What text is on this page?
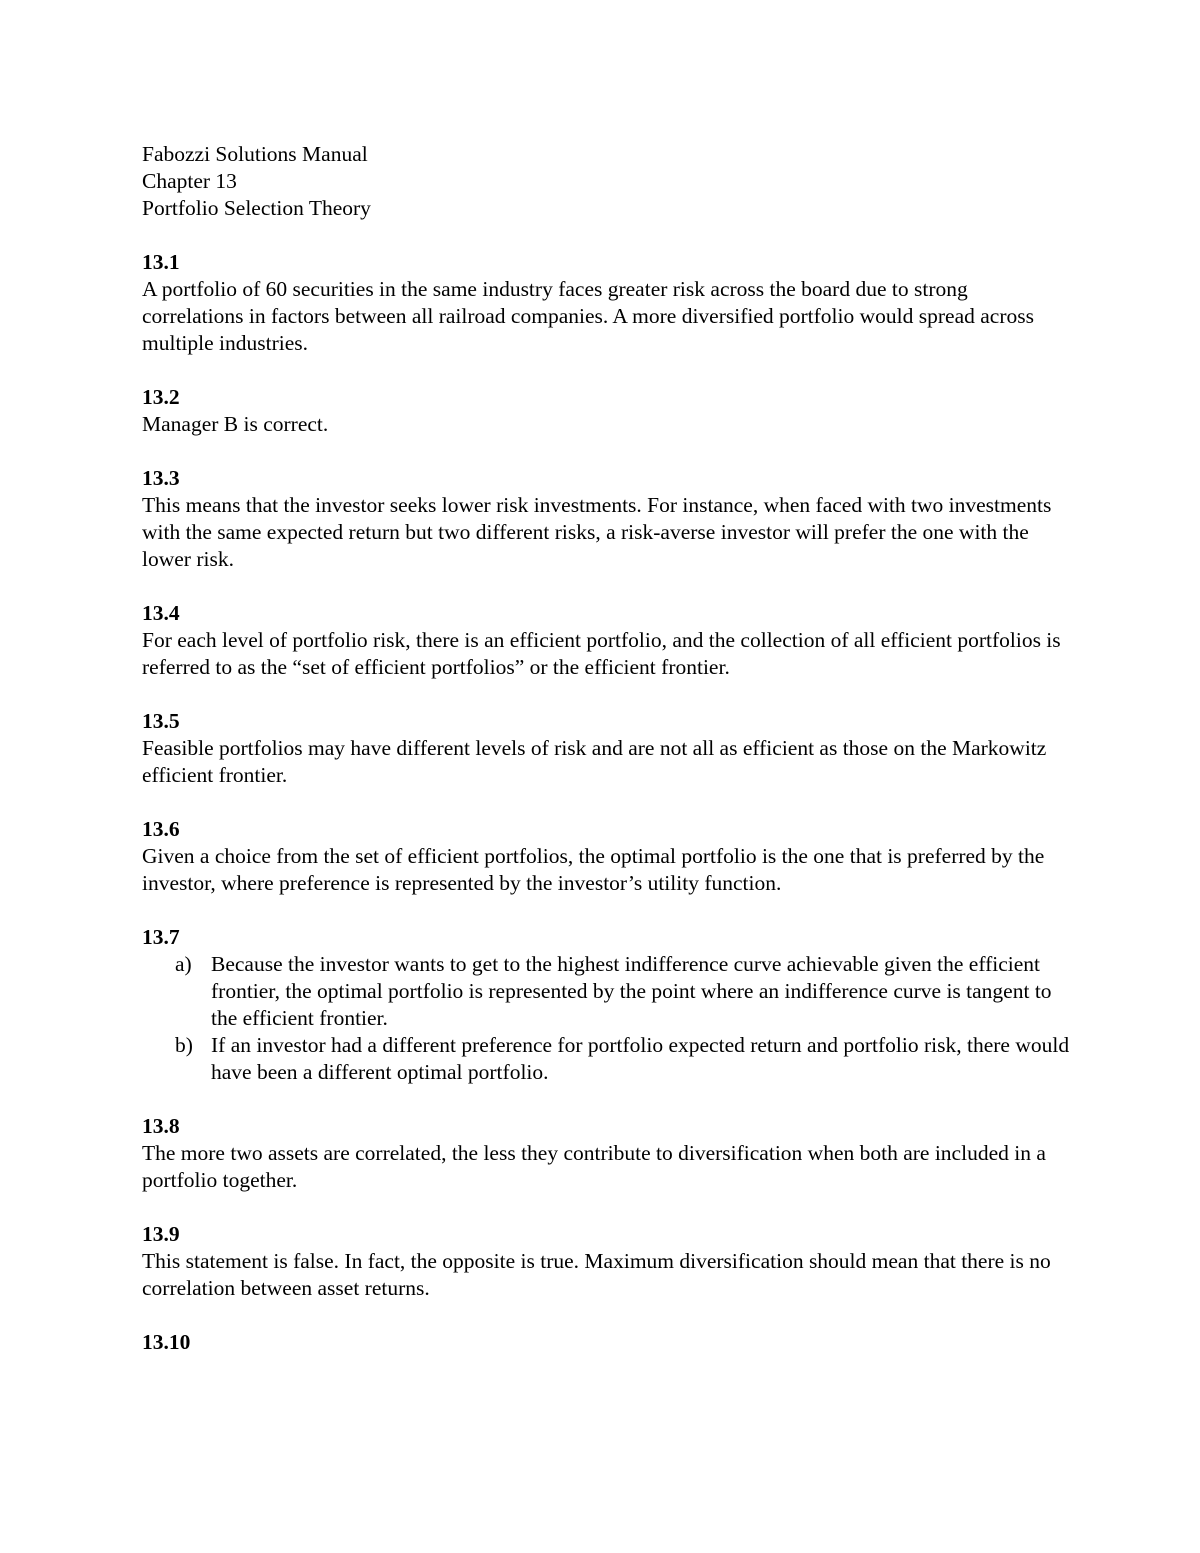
Fabozzi Solutions Manual
Chapter 13
Portfolio Selection Theory
13.1
A portfolio of 60 securities in the same industry faces greater risk across the board due to strong correlations in factors between all railroad companies. A more diversified portfolio would spread across multiple industries.
13.2
Manager B is correct.
13.3
This means that the investor seeks lower risk investments. For instance, when faced with two investments with the same expected return but two different risks, a risk-averse investor will prefer the one with the lower risk.
13.4
For each level of portfolio risk, there is an efficient portfolio, and the collection of all efficient portfolios is referred to as the “set of efficient portfolios” or the efficient frontier.
13.5
Feasible portfolios may have different levels of risk and are not all as efficient as those on the Markowitz efficient frontier.
13.6
Given a choice from the set of efficient portfolios, the optimal portfolio is the one that is preferred by the investor, where preference is represented by the investor’s utility function.
13.7
a) Because the investor wants to get to the highest indifference curve achievable given the efficient frontier, the optimal portfolio is represented by the point where an indifference curve is tangent to the efficient frontier.
b) If an investor had a different preference for portfolio expected return and portfolio risk, there would have been a different optimal portfolio.
13.8
The more two assets are correlated, the less they contribute to diversification when both are included in a portfolio together.
13.9
This statement is false. In fact, the opposite is true. Maximum diversification should mean that there is no correlation between asset returns.
13.10
